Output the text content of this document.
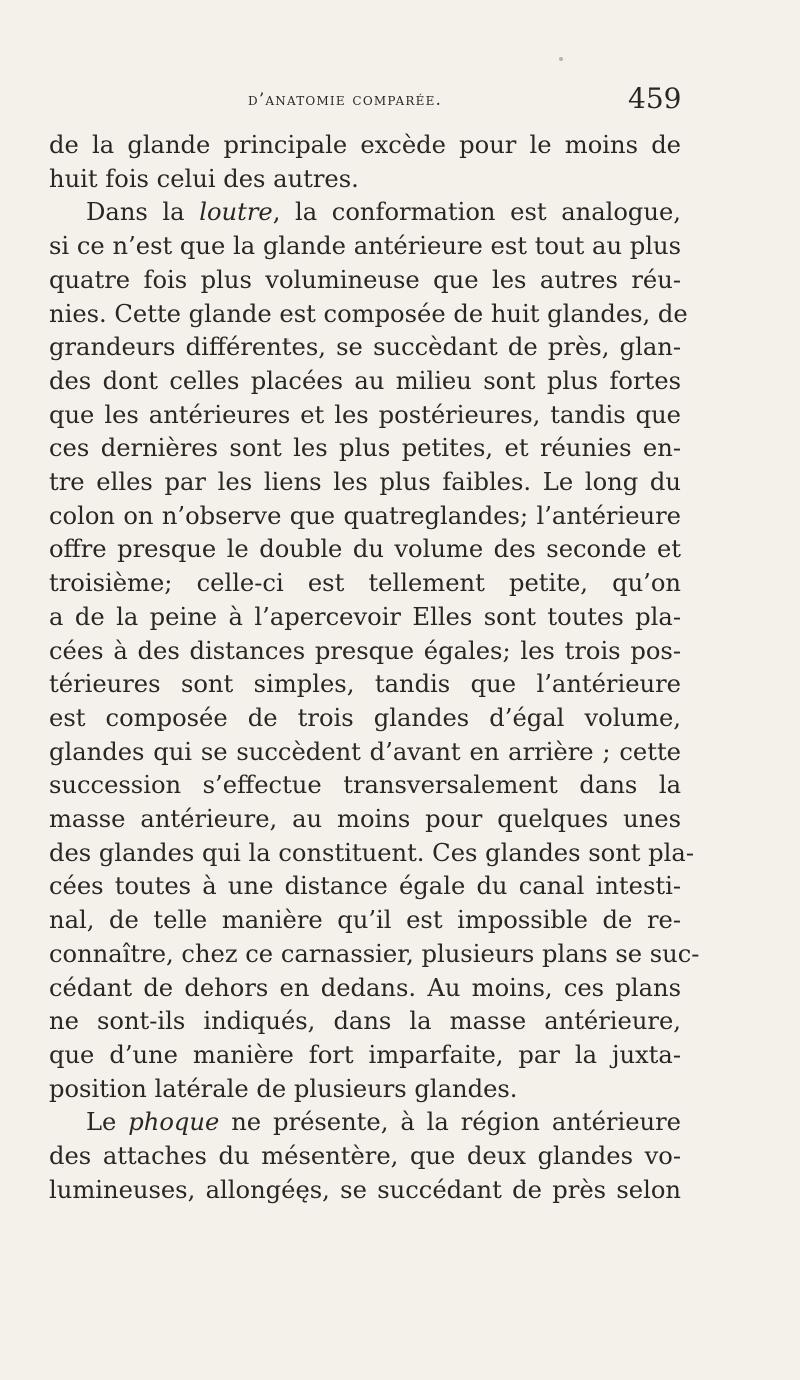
d’anatomie comparée.	459
de la glande principale excède pour le moins de
huit fois celui des autres.
Dans la loutre, la conformation est analogue,
si ce n’est que la glande antérieure est tout au plus
quatre fois plus volumineuse que les autres réu-
nies. Cette glande est composée de huit glandes, de
grandeurs différentes, se succèdant de près, glan-
des dont celles placées au milieu sont plus fortes
que les antérieures et les postérieures, tandis que
ces dernières sont les plus petites, et réunies en-
tre elles par les liens les plus faibles. Le long du
colon on n’observe que quatreglandes; l’antérieure
offre presque le double du volume des seconde et
troisième; celle-ci est tellement petite, qu’on
a de la peine à l’apercevoir Elles sont toutes pla-
cées à des distances presque égales; les trois pos-
térieures sont simples, tandis que l’antérieure
est composée de trois glandes d’égal volume,
glandes qui se succèdent d’avant en arrière ; cette
succession s’effectue transversalement dans la
masse antérieure, au moins pour quelques unes
des glandes qui la constituent. Ces glandes sont pla-
cées toutes à une distance égale du canal intesti-
nal, de telle manière qu’il est impossible de re-
connaître, chez ce carnassier, plusieurs plans se suc-
cédant de dehors en dedans. Au moins, ces plans
ne sont-ils indiqués, dans la masse antérieure,
que d’une manière fort imparfaite, par la juxta-
position latérale de plusieurs glandes.
Le phoque ne présente, à la région antérieure
des attaches du mésentère, que deux glandes vo-
lumineuses, allongéęs, se succédant de près selon
